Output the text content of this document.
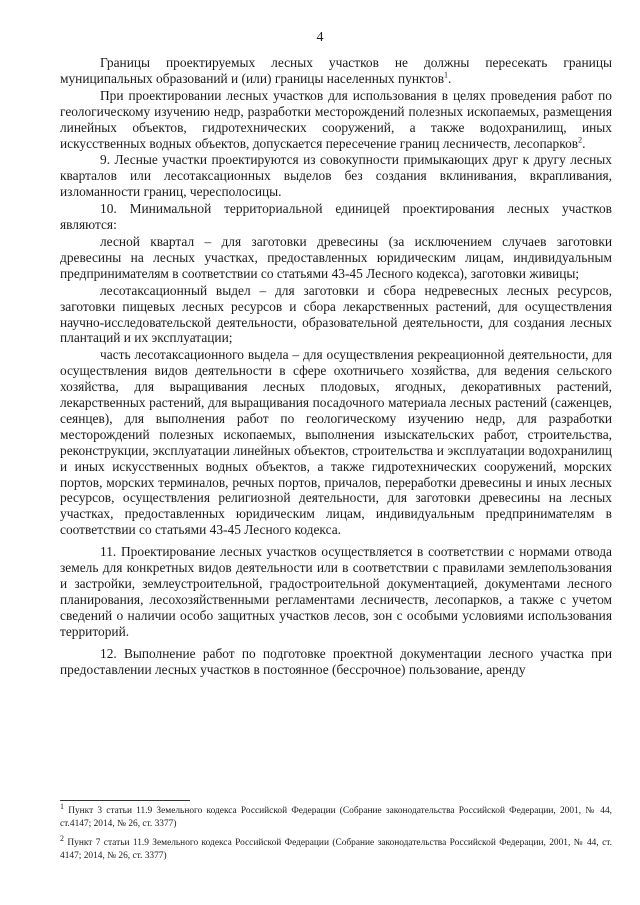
4

Границы проектируемых лесных участков не должны пересекать границы муниципальных образований и (или) границы населенных пунктов$^1$.

При проектировании лесных участков для использования в целях проведения работ по геологическому изучению недр, разработки месторождений полезных ископаемых, размещения линейных объектов, гидротехнических сооружений, а также водохранилищ, иных искусственных водных объектов, допускается пересечение границ лесничеств, лесопарков$^2$.

9. Лесные участки проектируются из совокупности примыкающих друг к другу лесных кварталов или лесотаксационных выделов без создания вклинивания, вкрапливания, изломанности границ, чересполосицы.

10. Минимальной территориальной единицей проектирования лесных участков являются:

лесной квартал – для заготовки древесины (за исключением случаев заготовки древесины на лесных участках, предоставленных юридическим лицам, индивидуальным предпринимателям в соответствии со статьями 43-45 Лесного кодекса), заготовки живицы;

лесотаксационный выдел – для заготовки и сбора недревесных лесных ресурсов, заготовки пищевых лесных ресурсов и сбора лекарственных растений, для осуществления научно-исследовательской деятельности, образовательной деятельности, для создания лесных плантаций и их эксплуатации;

часть лесотаксационного выдела – для осуществления рекреационной деятельности, для осуществления видов деятельности в сфере охотничьего хозяйства, для ведения сельского хозяйства, для выращивания лесных плодовых, ягодных, декоративных растений, лекарственных растений, для выращивания посадочного материала лесных растений (саженцев, сеянцев), для выполнения работ по геологическому изучению недр, для разработки месторождений полезных ископаемых, выполнения изыскательских работ, строительства, реконструкции, эксплуатации линейных объектов, строительства и эксплуатации водохранилищ и иных искусственных водных объектов, а также гидротехнических сооружений, морских портов, морских терминалов, речных портов, причалов, переработки древесины и иных лесных ресурсов, осуществления религиозной деятельности, для заготовки древесины на лесных участках, предоставленных юридическим лицам, индивидуальным предпринимателям в соответствии со статьями 43-45 Лесного кодекса.

11. Проектирование лесных участков осуществляется в соответствии с нормами отвода земель для конкретных видов деятельности или в соответствии с правилами землепользования и застройки, землеустроительной, градостроительной документацией, документами лесного планирования, лесохозяйственными регламентами лесничеств, лесопарков, а также с учетом сведений о наличии особо защитных участков лесов, зон с особыми условиями использования территорий.

12. Выполнение работ по подготовке проектной документации лесного участка при предоставлении лесных участков в постоянное (бессрочное) пользование, аренду

$^1$ Пункт 3 статьи 11.9 Земельного кодекса Российской Федерации (Собрание законодательства Российской Федерации, 2001, № 44, ст.4147; 2014, № 26, ст. 3377)

$^2$ Пункт 7 статьи 11.9 Земельного кодекса Российской Федерации (Собрание законодательства Российской Федерации, 2001, № 44, ст. 4147; 2014, № 26, ст. 3377)
